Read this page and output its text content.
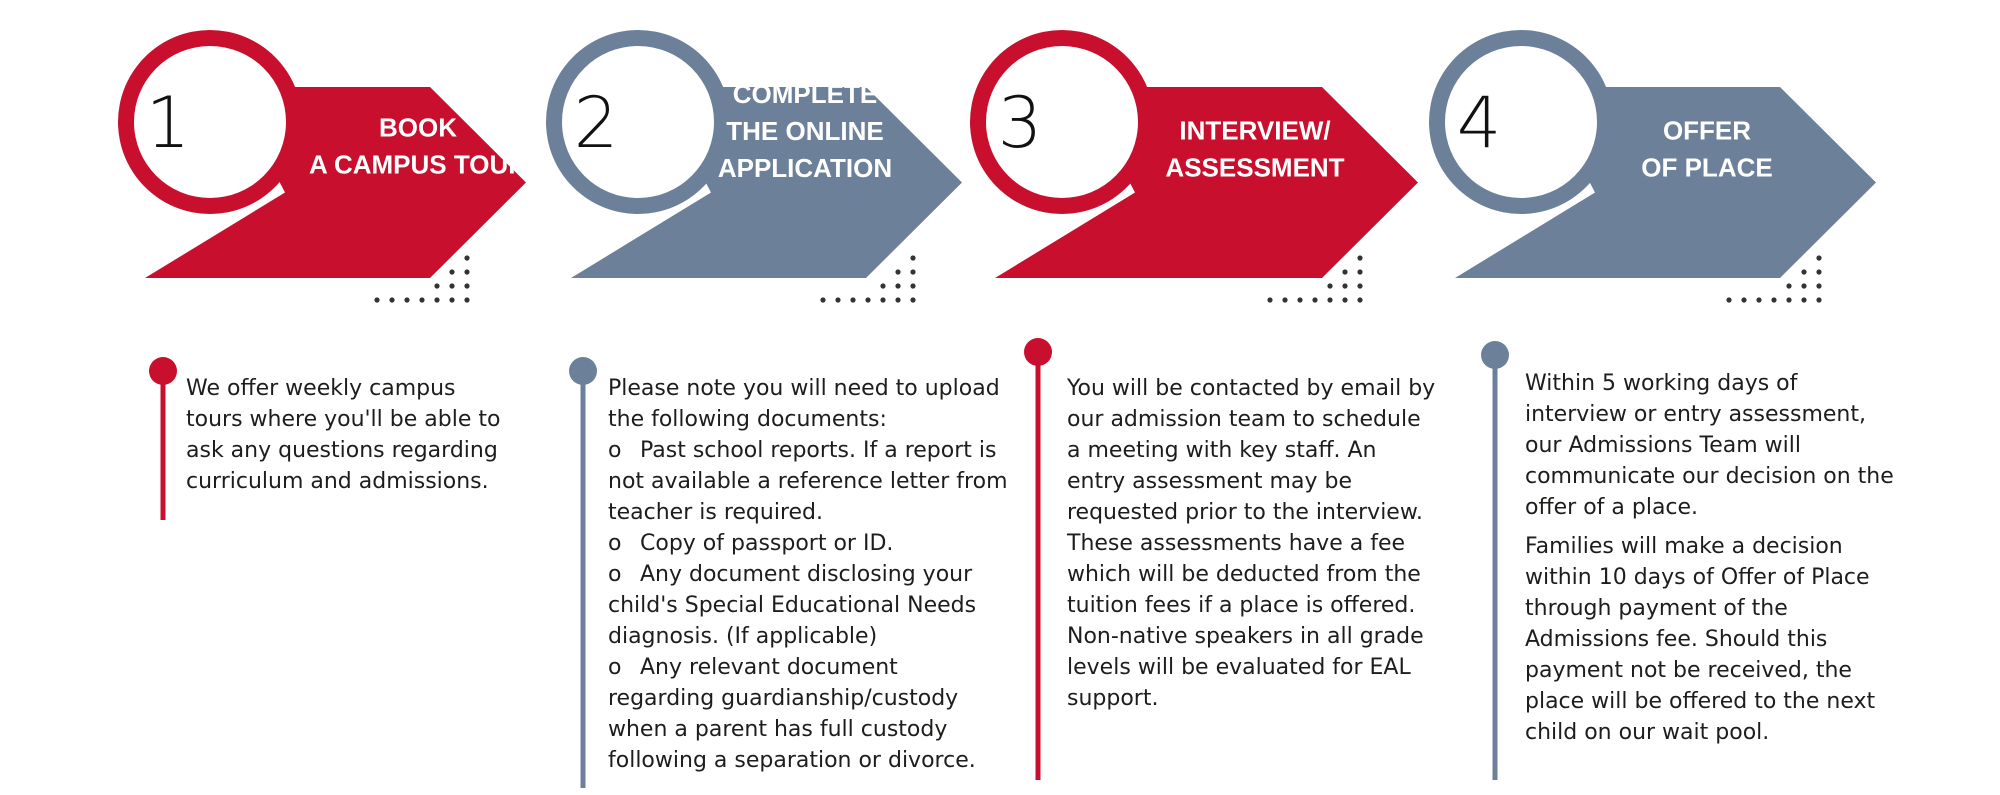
1	BOOK
A CAMPUS TOUR
2	COMPLETE
THE ONLINE
APPLICATION
3	INTERVIEW/
ASSESSMENT
4	OFFER
OF PLACE

We offer weekly campus tours where you'll be able to ask any questions regarding curriculum and admissions.

Please note you will need to upload the following documents:

o Past school reports. If a report is not available a reference letter from teacher is required.
o Copy of passport or ID.
o Any document disclosing your child's Special Educational Needs diagnosis. (If applicable)
o Any relevant document regarding guardianship/custody when a parent has full custody following a separation or divorce.

You will be contacted by email by our admission team to schedule a meeting with key staff. An entry assessment may be requested prior to the interview. These assessments have a fee which will be deducted from the tuition fees if a place is offered. Non-native speakers in all grade levels will be evaluated for EAL support.

Within 5 working days of interview or entry assessment, our Admissions Team will communicate our decision on the offer of a place.

Families will make a decision within 10 days of Offer of Place through payment of the Admissions fee. Should this payment not be received, the place will be offered to the next child on our wait pool.
